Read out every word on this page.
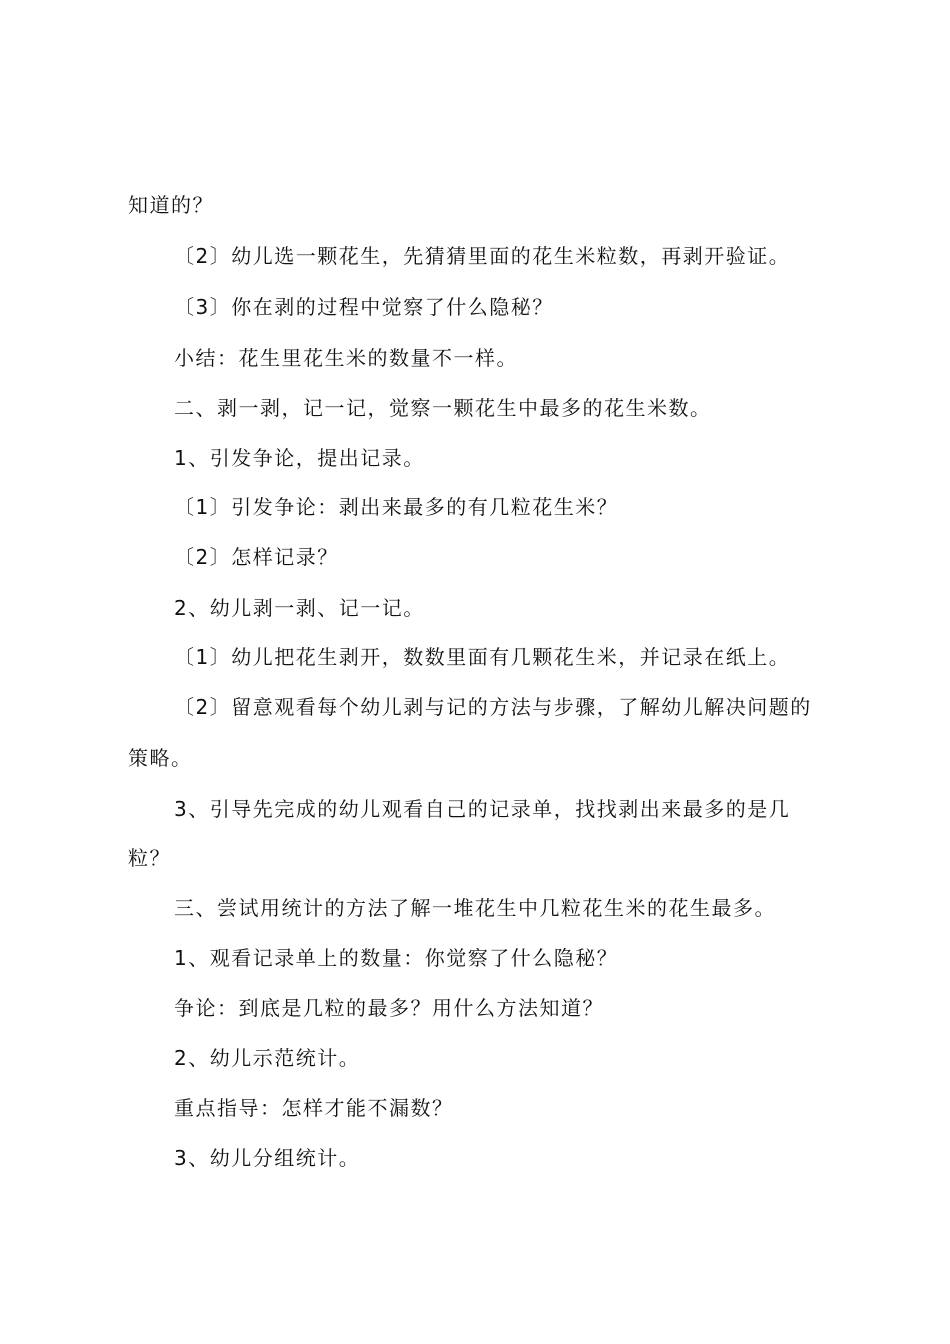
知道的？
〔2〕幼儿选一颗花生，先猜猜里面的花生米粒数，再剥开验证。
〔3〕你在剥的过程中觉察了什么隐秘？
小结：花生里花生米的数量不一样。
二、剥一剥，记一记，觉察一颗花生中最多的花生米数。
1、引发争论，提出记录。
〔1〕引发争论：剥出来最多的有几粒花生米？
〔2〕怎样记录？
2、幼儿剥一剥、记一记。
〔1〕幼儿把花生剥开，数数里面有几颗花生米，并记录在纸上。
〔2〕留意观看每个幼儿剥与记的方法与步骤，了解幼儿解决问题的
策略。
3、引导先完成的幼儿观看自己的记录单，找找剥出来最多的是几
粒？
三、尝试用统计的方法了解一堆花生中几粒花生米的花生最多。
1、观看记录单上的数量：你觉察了什么隐秘？
争论：到底是几粒的最多？用什么方法知道？
2、幼儿示范统计。
重点指导：怎样才能不漏数？
3、幼儿分组统计。
